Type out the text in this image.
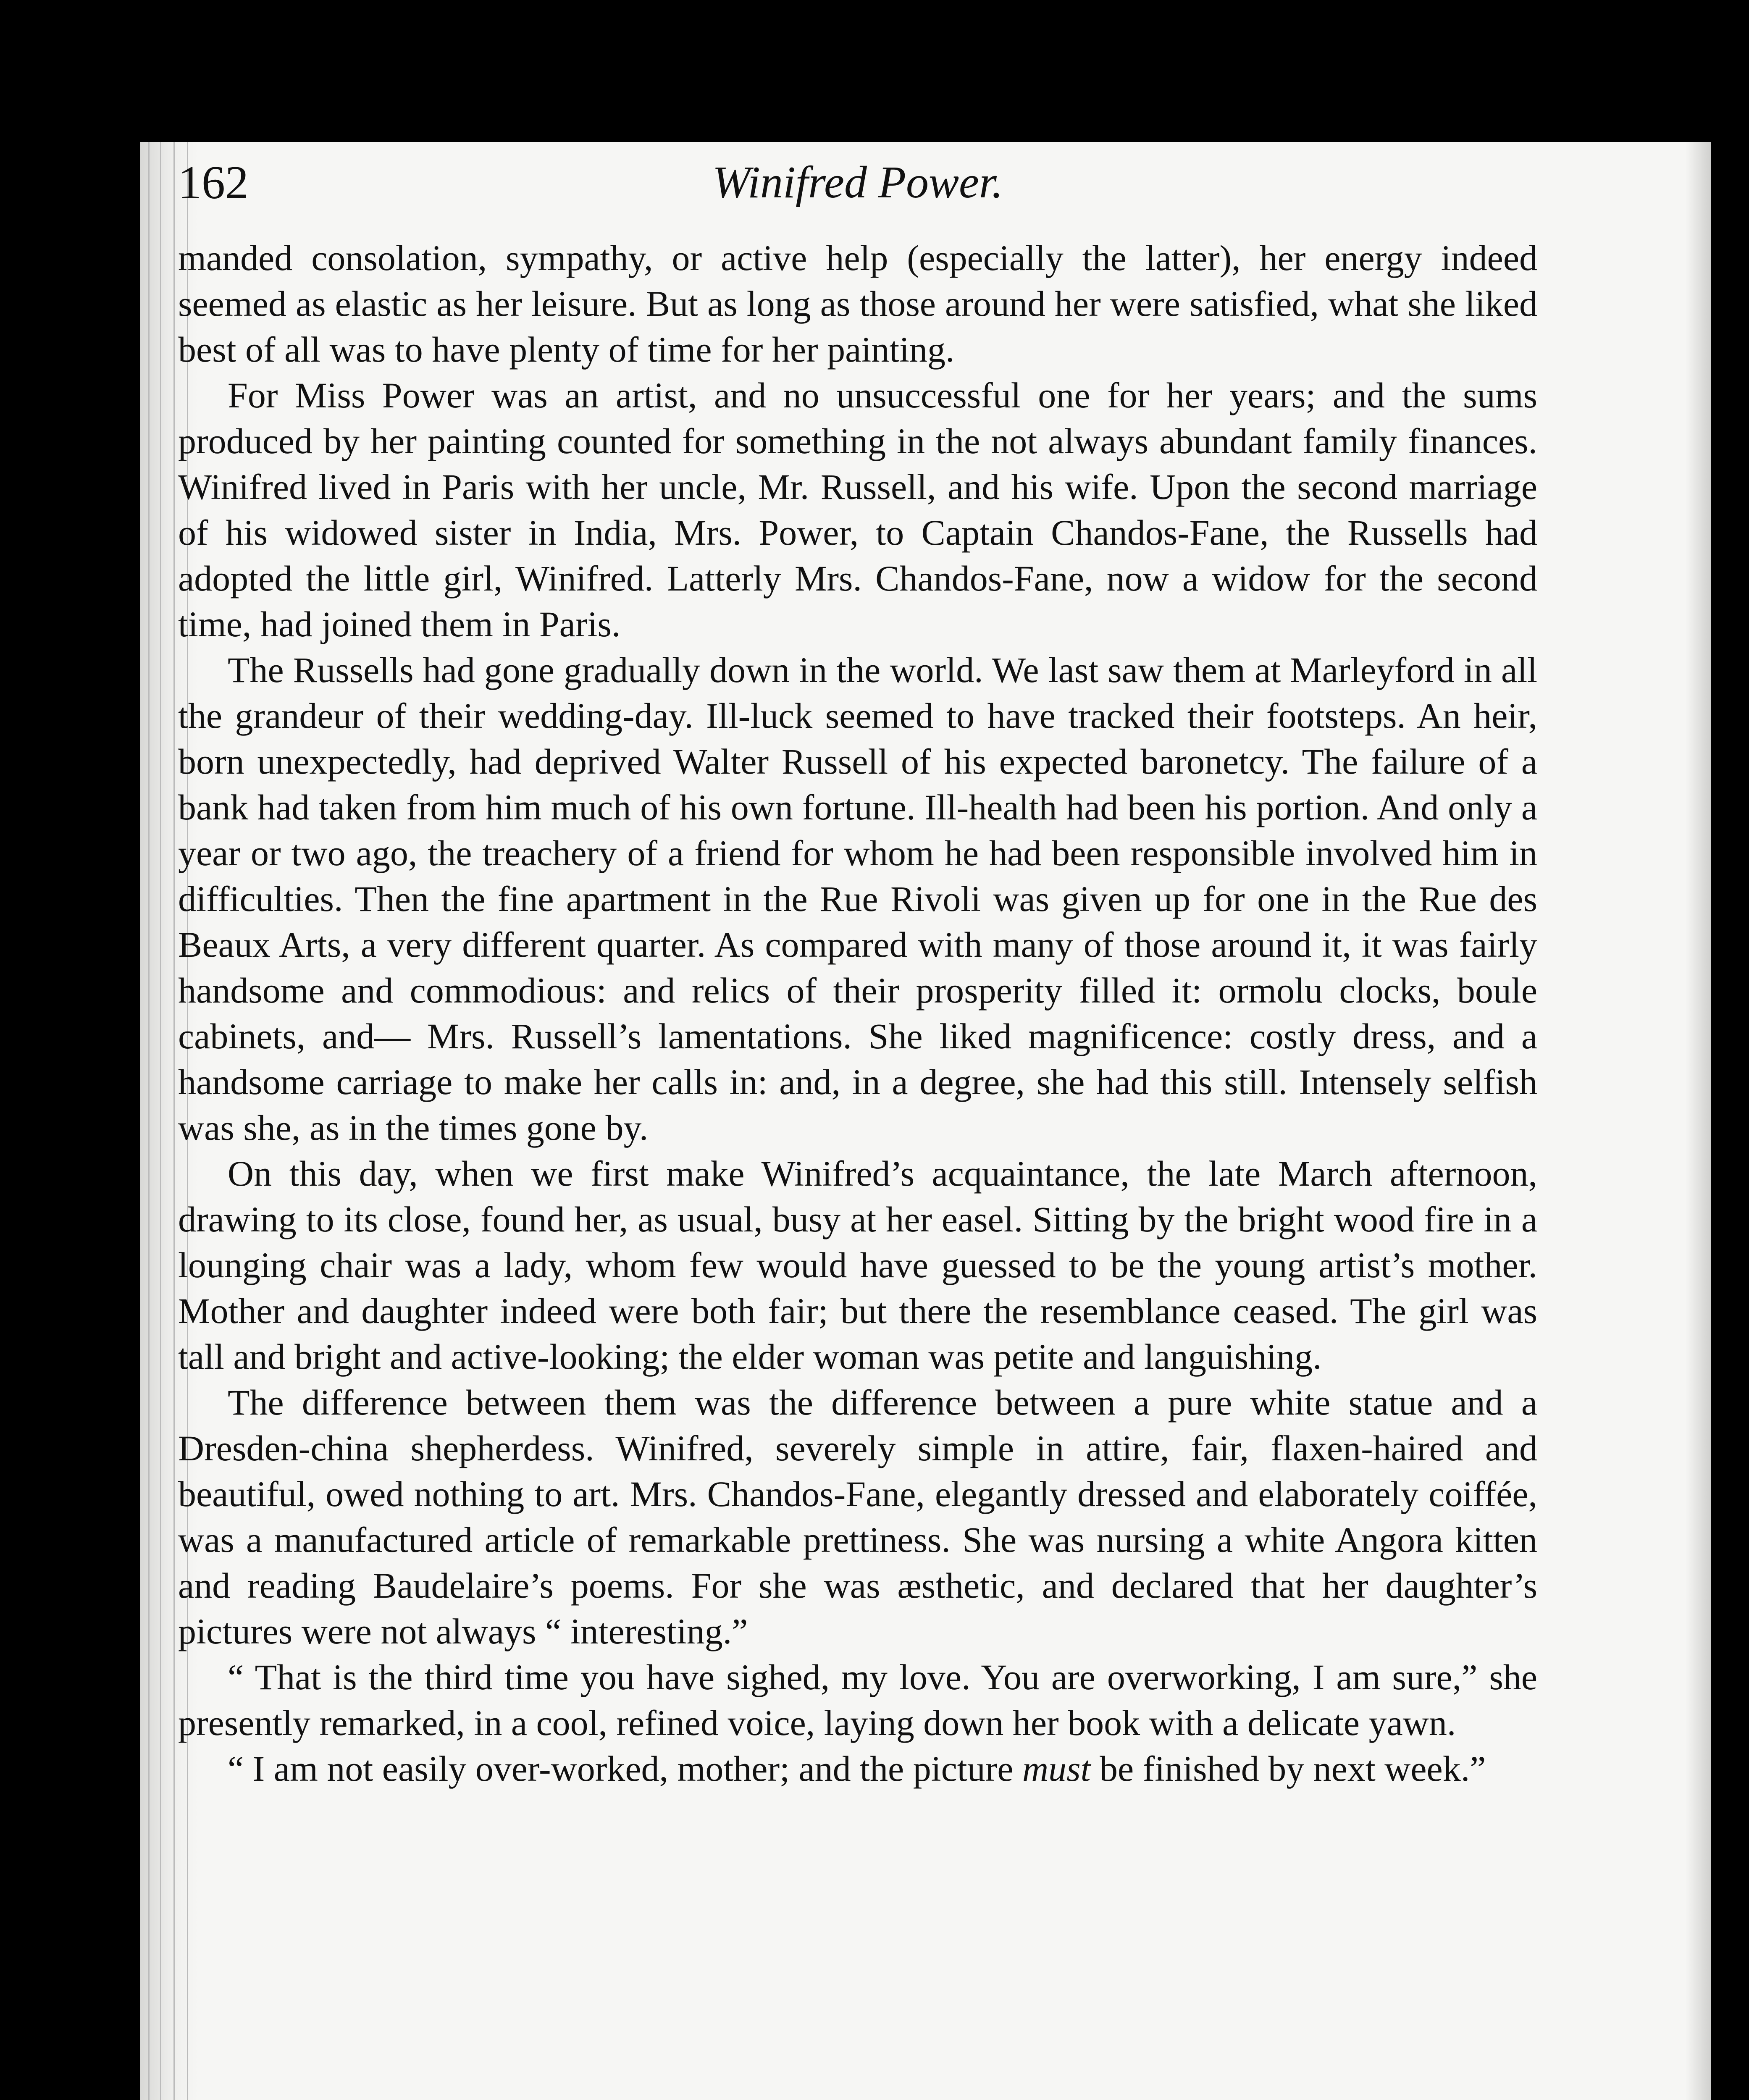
162	Winifred Power.

manded consolation, sympathy, or active help (especially the latter), her energy indeed seemed as elastic as her leisure. But as long as those around her were satisfied, what she liked best of all was to have plenty of time for her painting.

For Miss Power was an artist, and no unsuccessful one for her years; and the sums produced by her painting counted for something in the not always abundant family finances. Winifred lived in Paris with her uncle, Mr. Russell, and his wife. Upon the second marriage of his widowed sister in India, Mrs. Power, to Captain Chandos-Fane, the Russells had adopted the little girl, Winifred. Latterly Mrs. Chandos-Fane, now a widow for the second time, had joined them in Paris.

The Russells had gone gradually down in the world. We last saw them at Marleyford in all the grandeur of their wedding-day. Ill-luck seemed to have tracked their footsteps. An heir, born unexpectedly, had deprived Walter Russell of his expected baronetcy. The failure of a bank had taken from him much of his own fortune. Ill-health had been his portion. And only a year or two ago, the treachery of a friend for whom he had been responsible involved him in difficulties. Then the fine apartment in the Rue Rivoli was given up for one in the Rue des Beaux Arts, a very different quarter. As compared with many of those around it, it was fairly handsome and commodious: and relics of their prosperity filled it: ormolu clocks, boule cabinets, and— Mrs. Russell’s lamentations. She liked magnificence: costly dress, and a handsome carriage to make her calls in: and, in a degree, she had this still. Intensely selfish was she, as in the times gone by.

On this day, when we first make Winifred’s acquaintance, the late March afternoon, drawing to its close, found her, as usual, busy at her easel. Sitting by the bright wood fire in a lounging chair was a lady, whom few would have guessed to be the young artist’s mother. Mother and daughter indeed were both fair; but there the resemblance ceased. The girl was tall and bright and active-looking; the elder woman was petite and languishing.

The difference between them was the difference between a pure white statue and a Dresden-china shepherdess. Winifred, severely simple in attire, fair, flaxen-haired and beautiful, owed nothing to art. Mrs. Chandos-Fane, elegantly dressed and elaborately coiffée, was a manufactured article of remarkable prettiness. She was nursing a white Angora kitten and reading Baudelaire’s poems. For she was æsthetic, and declared that her daughter’s pictures were not always “ interesting.”

“ That is the third time you have sighed, my love. You are overworking, I am sure,” she presently remarked, in a cool, refined voice, laying down her book with a delicate yawn.

“ I am not easily over-worked, mother; and the picture must be finished by next week.”
